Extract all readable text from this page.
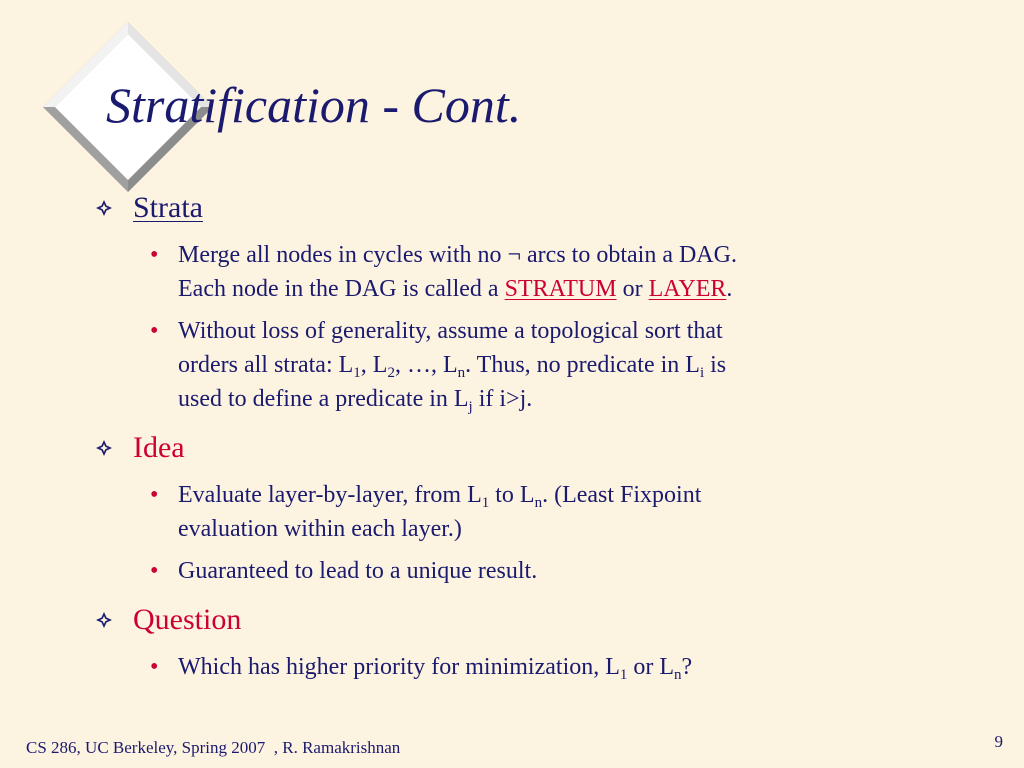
Stratification - Cont.
Strata
• Merge all nodes in cycles with no ¬ arcs to obtain a DAG.
Each node in the DAG is called a STRATUM or LAYER.
• Without loss of generality, assume a topological sort that
orders all strata: $L_1$, $L_2$, …, $L_n$. Thus, no predicate in $L_i$ is
used to define a predicate in $L_j$ if i>j.
Idea
• Evaluate layer-by-layer, from $L_1$ to $L_n$. (Least Fixpoint
evaluation within each layer.)
• Guaranteed to lead to a unique result.
Question
• Which has higher priority for minimization, $L_1$ or $L_n$?
CS 286, UC Berkeley, Spring 2007  , R. Ramakrishnan	9
